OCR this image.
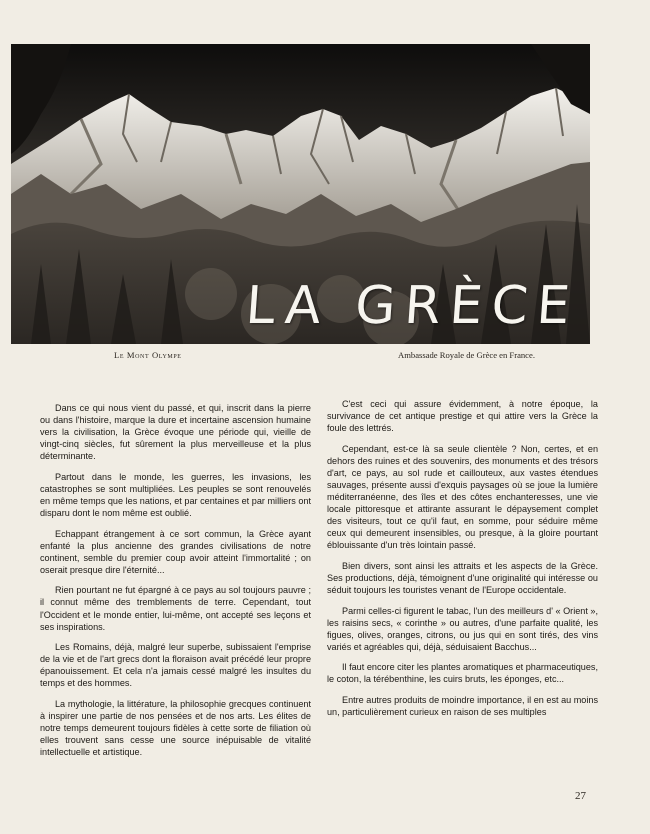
LA GRÈCE
Le Mont Olympe	Ambassade Royale de Grèce en France.

Dans ce qui nous vient du passé, et qui, inscrit dans la pierre ou dans l'histoire, marque la dure et incertaine ascension humaine vers la civilisation, la Grèce évoque une période qui, vieille de vingt-cinq siècles, fut sûrement la plus merveilleuse et la plus déterminante.

Partout dans le monde, les guerres, les invasions, les catastrophes se sont multipliées. Les peuples se sont renouvelés en même temps que les nations, et par centaines et par milliers ont disparu dont le nom même est oublié.

Echappant étrangement à ce sort commun, la Grèce ayant enfanté la plus ancienne des grandes civilisations de notre continent, semble du premier coup avoir atteint l'immortalité ; on oserait presque dire l'éternité...

Rien pourtant ne fut épargné à ce pays au sol toujours pauvre ; il connut même des tremblements de terre. Cependant, tout l'Occident et le monde entier, lui-même, ont accepté ses leçons et ses inspirations.

Les Romains, déjà, malgré leur superbe, subissaient l'emprise de la vie et de l'art grecs dont la floraison avait précédé leur propre épanouissement. Et cela n'a jamais cessé malgré les insultes du temps et des hommes.

La mythologie, la littérature, la philosophie grecques continuent à inspirer une partie de nos pensées et de nos arts. Les élites de notre temps demeurent toujours fidèles à cette sorte de filiation où elles trouvent sans cesse une source inépuisable de vitalité intellectuelle et artistique.

C'est ceci qui assure évidemment, à notre époque, la survivance de cet antique prestige et qui attire vers la Grèce la foule des lettrés.

Cependant, est-ce là sa seule clientèle ? Non, certes, et en dehors des ruines et des souvenirs, des monuments et des trésors d'art, ce pays, au sol rude et caillouteux, aux vastes étendues sauvages, présente aussi d'exquis paysages où se joue la lumière méditerranéenne, des îles et des côtes enchanteresses, une vie locale pittoresque et attirante assurant le dépaysement complet des visiteurs, tout ce qu'il faut, en somme, pour séduire même ceux qui demeurent insensibles, ou presque, à la gloire pourtant éblouissante d'un très lointain passé.

Bien divers, sont ainsi les attraits et les aspects de la Grèce. Ses productions, déjà, témoignent d'une originalité qui intéresse ou séduit toujours les touristes venant de l'Europe occidentale.

Parmi celles-ci figurent le tabac, l'un des meilleurs d' « Orient », les raisins secs, « corinthe » ou autres, d'une parfaite qualité, les figues, olives, oranges, citrons, ou jus qui en sont tirés, des vins variés et agréables qui, déjà, séduisaient Bacchus...

Il faut encore citer les plantes aromatiques et pharmaceutiques, le coton, la térébenthine, les cuirs bruts, les éponges, etc...

Entre autres produits de moindre importance, il en est au moins un, particulièrement curieux en raison de ses multiples

27
